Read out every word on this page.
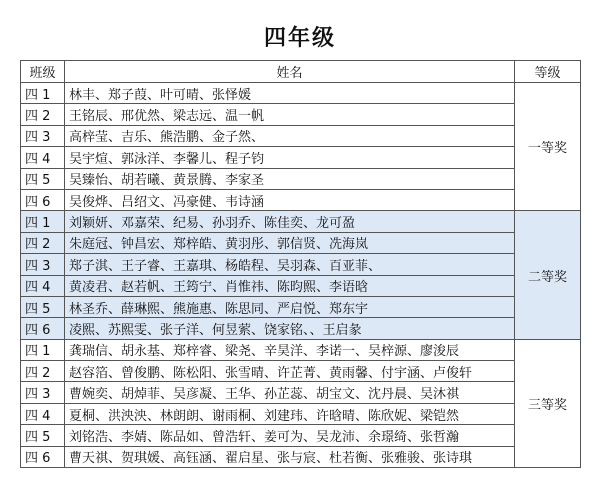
四年级
班级	姓名	等级
四 1	林丰、郑子葭、叶可晴、张怿媛	一等奖
四 2	王铭辰、邢优然、梁志远、温一帆	
四 3	高梓莹、吉乐、熊浩鹏、金子然、	
四 4	吴宇煊、郭泳洋、李馨儿、程子钧	
四 5	吴臻怡、胡若曦、黄景腾、李家圣	
四 6	吴俊烨、吕绍文、冯豪健、韦诗涵	
四 1	刘颖妍、邓嘉荣、纪易、孙羽乔、陈佳奕、龙可盈	二等奖
四 2	朱庭冠、钟昌宏、郑梓皓、黄羽彤、郭信贤、冼海岚	
四 3	郑子淇、王子睿、王嘉琪、杨皓程、吴羽森、百亚菲、	
四 4	黄凌君、赵若帆、王筠宁、肖惟祎、陈昀熙、李语晗	
四 5	林圣乔、薛琳熙、熊施惠、陈思同、严启悦、郑东宇	
四 6	凌熙、苏熙雯、张子洋、何昱萦、饶家铭、、王启彖	
四 1	龚瑞信、胡永基、郑梓睿、梁尧、辛昊洋、李诺一、吴梓源、廖浚辰	三等奖
四 2	赵容箔、曾俊鹏、陈松阳、张雪晴、许芷菁、黄雨馨、付宇涵、卢俊轩	
四 3	曹婉奕、胡焯菲、吴彦凝、王华、孙芷蕊、胡宝文、沈丹晨、吴沐祺	
四 4	夏桐、洪泱泱、林朗朗、谢雨桐、刘建玮、许晗晴、陈欣妮、梁铠然	
四 5	刘铭浩、李婧、陈品如、曾浩轩、姜可为、吴龙沛、余璟绮、张哲瀚	
四 6	曹天祺、贺琪媛、高钰涵、翟启星、张与宸、杜若衡、张雅骏、张诗琪	
